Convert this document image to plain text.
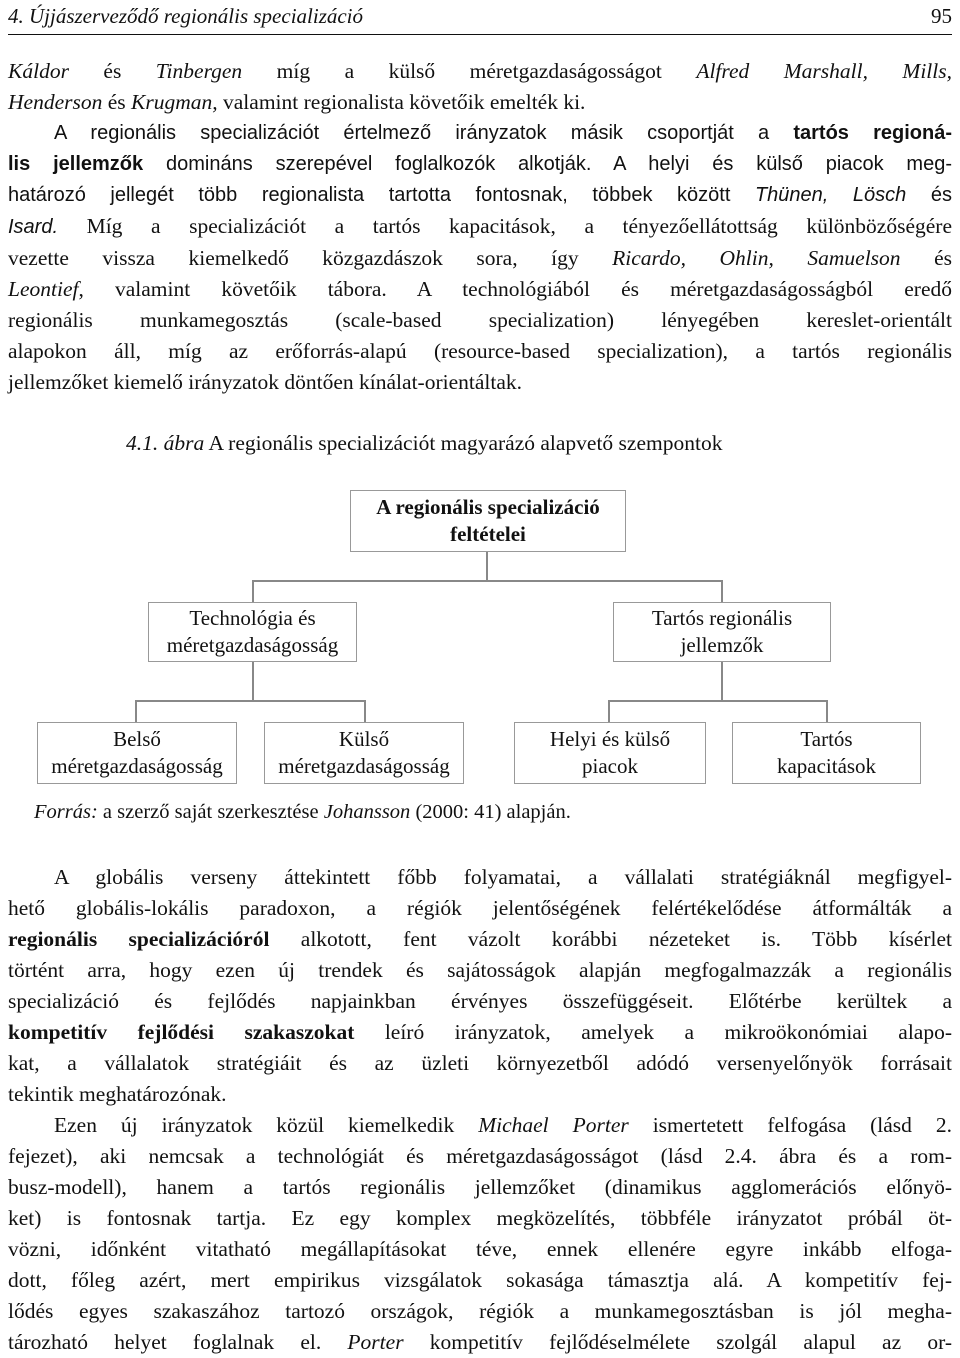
4. Újjászerveződő regionális specializáció	95
Káldor és Tinbergen míg a külső méretgazdaságosságot Alfred Marshall, Mills,
Henderson és Krugman, valamint regionalista követőik emelték ki.
A regionális specializációt értelmező irányzatok másik csoportját a tartós regioná-
lis jellemzők domináns szerepével foglalkozók alkotják. A helyi és külső piacok meg-
határozó jellegét több regionalista tartotta fontosnak, többek között Thünen, Lösch és
Isard. Míg a specializációt a tartós kapacitások, a tényezőellátottság különbözőségére
vezette vissza kiemelkedő közgazdászok sora, így Ricardo, Ohlin, Samuelson és
Leontief, valamint követőik tábora. A technológiából és méretgazdaságosságból eredő
regionális munkamegosztás (scale-based specialization) lényegében kereslet-orientált
alapokon áll, míg az erőforrás-alapú (resource-based specialization), a tartós regionális
jellemzőket kiemelő irányzatok döntően kínálat-orientáltak.
4.1. ábra A regionális specializációt magyarázó alapvető szempontok
A regionális specializáció
feltételei
Technológia és
méretgazdaságosság
Tartós regionális
jellemzők
Belső
méretgazdaságosság
Külső
méretgazdaságosság
Helyi és külső
piacok
Tartós
kapacitások
Forrás: a szerző saját szerkesztése Johansson (2000: 41) alapján.
A globális verseny áttekintett főbb folyamatai, a vállalati stratégiáknál megfigyel-
hető globális-lokális paradoxon, a régiók jelentőségének felértékelődése átformálták a
regionális specializációról alkotott, fent vázolt korábbi nézeteket is. Több kísérlet
történt arra, hogy ezen új trendek és sajátosságok alapján megfogalmazzák a regionális
specializáció és fejlődés napjainkban érvényes összefüggéseit. Előtérbe kerültek a
kompetitív fejlődési szakaszokat leíró irányzatok, amelyek a mikroökonómiai alapo-
kat, a vállalatok stratégiáit és az üzleti környezetből adódó versenyelőnyök forrásait
tekintik meghatározónak.
Ezen új irányzatok közül kiemelkedik Michael Porter ismertetett felfogása (lásd 2.
fejezet), aki nemcsak a technológiát és méretgazdaságosságot (lásd 2.4. ábra és a rom-
busz-modell), hanem a tartós regionális jellemzőket (dinamikus agglomerációs előnyö-
ket) is fontosnak tartja. Ez egy komplex megközelítés, többféle irányzatot próbál öt-
vözni, időnként vitatható megállapításokat téve, ennek ellenére egyre inkább elfoga-
dott, főleg azért, mert empirikus vizsgálatok sokasága támasztja alá. A kompetitív fej-
lődés egyes szakaszához tartozó országok, régiók a munkamegosztásban is jól megha-
tározható helyet foglalnak el. Porter kompetitív fejlődéselmélete szolgál alapul az or-
